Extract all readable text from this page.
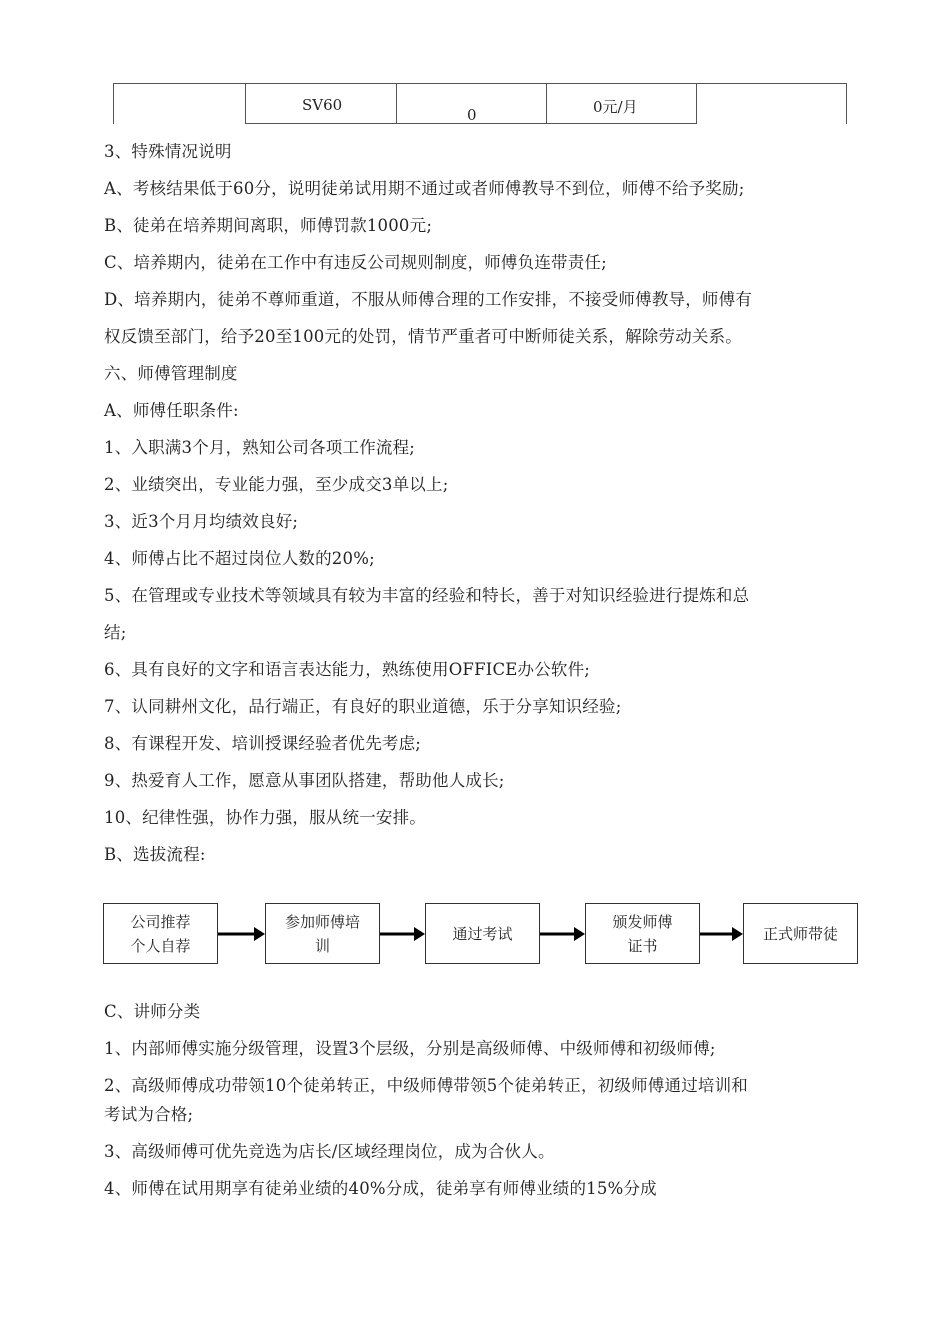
SV60
0	0元/月
3、特殊情况说明
A、考核结果低于60分，说明徒弟试用期不通过或者师傅教导不到位，师傅不给予奖励;
B、徒弟在培养期间离职，师傅罚款1000元;
C、培养期内，徒弟在工作中有违反公司规则制度，师傅负连带责任;
D、培养期内，徒弟不尊师重道，不服从师傅合理的工作安排，不接受师傅教导，师傅有
权反馈至部门，给予20至100元的处罚，情节严重者可中断师徒关系，解除劳动关系。
六、师傅管理制度
A、师傅任职条件:
1、入职满3个月，熟知公司各项工作流程;
2、业绩突出，专业能力强，至少成交3单以上;
3、近3个月月均绩效良好;
4、师傅占比不超过岗位人数的20%;
5、在管理或专业技术等领域具有较为丰富的经验和特长，善于对知识经验进行提炼和总
结;
6、具有良好的文字和语言表达能力，熟练使用OFFICE办公软件;
7、认同耕州文化，品行端正，有良好的职业道德，乐于分享知识经验;
8、有课程开发、培训授课经验者优先考虑;
9、热爱育人工作，愿意从事团队搭建，帮助他人成长;
10、纪律性强，协作力强，服从统一安排。
B、选拔流程:
公司推荐
个人自荐
参加师傅培
训
通过考试
颁发师傅
证书
正式师带徒
C、讲师分类
1、内部师傅实施分级管理，设置3个层级，分别是高级师傅、中级师傅和初级师傅;
2、高级师傅成功带领10个徒弟转正，中级师傅带领5个徒弟转正，初级师傅通过培训和
考试为合格;
3、高级师傅可优先竞选为店长/区域经理岗位，成为合伙人。
4、师傅在试用期享有徒弟业绩的40%分成，徒弟享有师傅业绩的15%分成
